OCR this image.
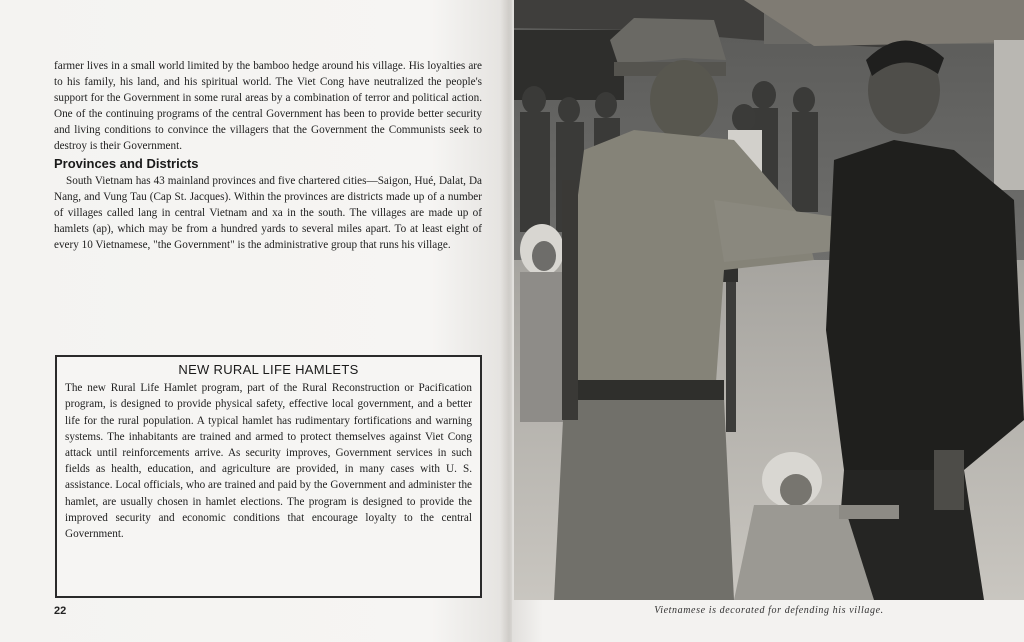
farmer lives in a small world limited by the bamboo hedge around his village. His loyalties are to his family, his land, and his spiritual world. The Viet Cong have neutralized the people's support for the Government in some rural areas by a combination of terror and political action. One of the continuing programs of the central Government has been to provide better security and living conditions to convince the villagers that the Government the Communists seek to destroy is their Government.

Provinces and Districts

South Vietnam has 43 mainland provinces and five chartered cities—Saigon, Hué, Dalat, Da Nang, and Vung Tau (Cap St. Jacques). Within the provinces are districts made up of a number of villages called lang in central Vietnam and xa in the south. The villages are made up of hamlets (ap), which may be from a hundred yards to several miles apart. To at least eight of every 10 Vietnamese, "the Government" is the administrative group that runs his village.

NEW RURAL LIFE HAMLETS

The new Rural Life Hamlet program, part of the Rural Reconstruction or Pacification program, is designed to provide physical safety, effective local government, and a better life for the rural population. A typical hamlet has rudimentary fortifications and warning systems. The inhabitants are trained and armed to protect themselves against Viet Cong attack until reinforcements arrive. As security improves, Government services in such fields as health, education, and agriculture are provided, in many cases with U. S. assistance. Local officials, who are trained and paid by the Government and administer the hamlet, are usually chosen in hamlet elections. The program is designed to provide the improved security and economic conditions that encourage loyalty to the central Government.

22	Vietnamese is decorated for defending his village.
